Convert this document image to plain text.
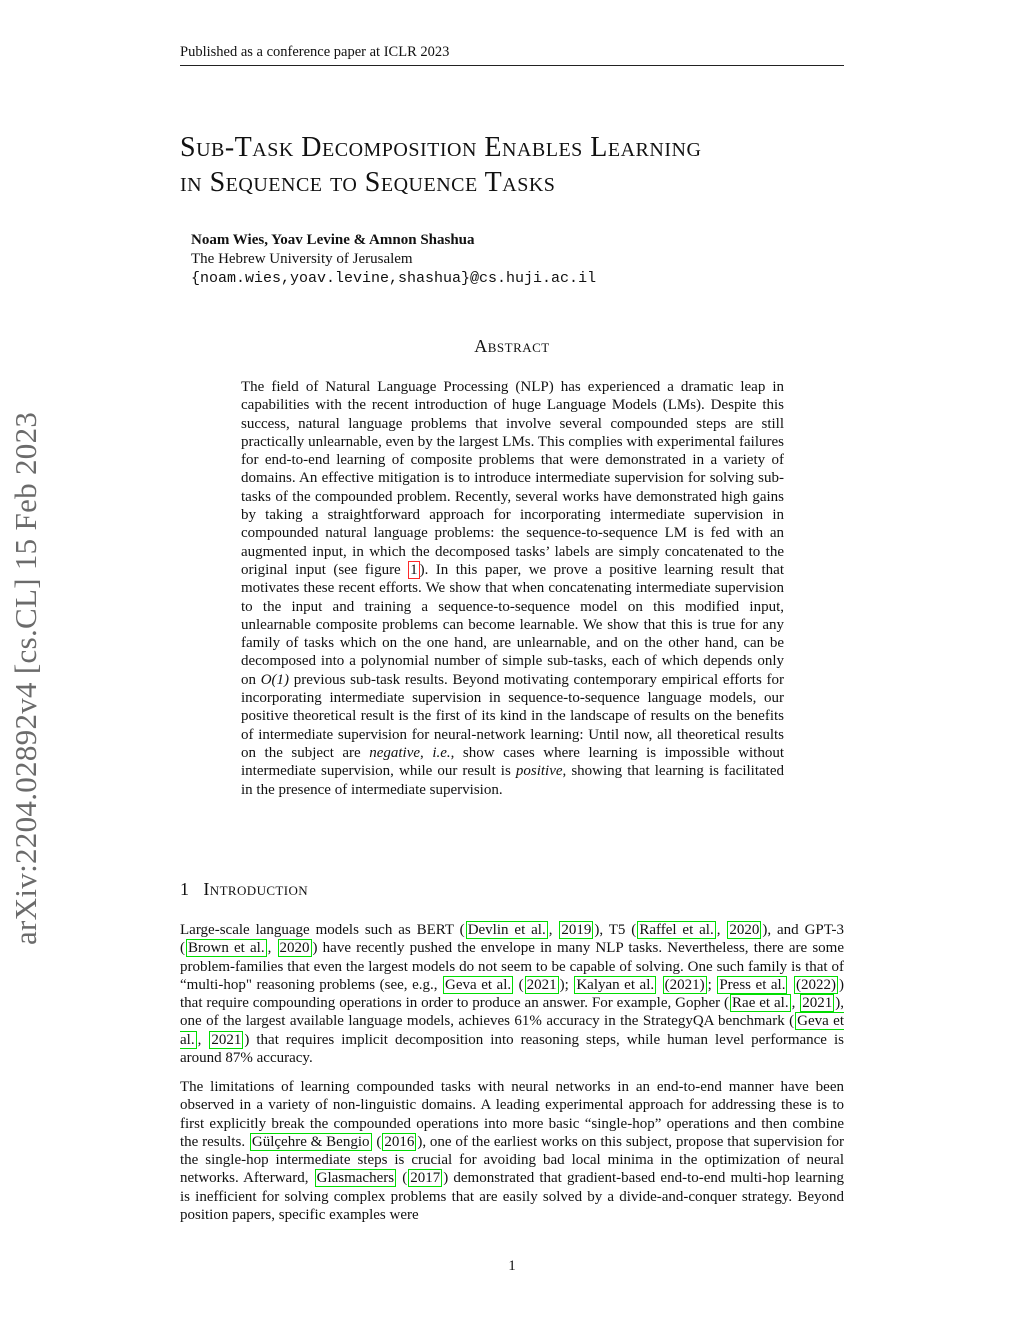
Published as a conference paper at ICLR 2023
arXiv:2204.02892v4 [cs.CL] 15 Feb 2023
Sub-Task Decomposition Enables Learning
in Sequence to Sequence Tasks
Noam Wies, Yoav Levine & Amnon Shashua
The Hebrew University of Jerusalem
{noam.wies,yoav.levine,shashua}@cs.huji.ac.il
Abstract

The field of Natural Language Processing (NLP) has experienced a dramatic leap in capabilities with the recent introduction of huge Language Models (LMs). Despite this success, natural language problems that involve several compounded steps are still practically unlearnable, even by the largest LMs. This complies with experimental failures for end-to-end learning of composite problems that were demonstrated in a variety of domains. An effective mitigation is to introduce intermediate supervision for solving sub-tasks of the compounded problem. Recently, several works have demonstrated high gains by taking a straightforward approach for incorporating intermediate supervision in compounded natural language problems: the sequence-to-sequence LM is fed with an augmented input, in which the decomposed tasks’ labels are simply concatenated to the original input (see figure 1 ). In this paper, we prove a positive learning result that motivates these recent efforts. We show that when concatenating intermediate supervision to the input and training a sequence-to-sequence model on this modified input, unlearnable composite problems can become learnable. We show that this is true for any family of tasks which on the one hand, are unlearnable, and on the other hand, can be decomposed into a polynomial number of simple sub-tasks, each of which depends only on O(1) previous sub-task results. Beyond motivating contemporary empirical efforts for incorporating intermediate supervision in sequence-to-sequence language models, our positive theoretical result is the first of its kind in the landscape of results on the benefits of intermediate supervision for neural-network learning: Until now, all theoretical results on the subject are negative, i.e., show cases where learning is impossible without intermediate supervision, while our result is positive, showing that learning is facilitated in the presence of intermediate supervision.

1 Introduction

Large-scale language models such as BERT ( Devlin et al. , 2019 ), T5 ( Raffel et al. , 2020 ), and GPT-3 ( Brown et al. , 2020 ) have recently pushed the envelope in many NLP tasks. Nevertheless, there are some problem-families that even the largest models do not seem to be capable of solving. One such family is that of “multi-hop" reasoning problems (see, e.g., Geva et al. ( 2021 ); Kalyan et al. (2021) ; Press et al. (2022) ) that require compounding operations in order to produce an answer. For example, Gopher ( Rae et al. , 2021 ), one of the largest available language models, achieves 61% accuracy in the StrategyQA benchmark ( Geva et al. , 2021 ) that requires implicit decomposition into reasoning steps, while human level performance is around 87% accuracy.

The limitations of learning compounded tasks with neural networks in an end-to-end manner have been observed in a variety of non-linguistic domains. A leading experimental approach for addressing these is to first explicitly break the compounded operations into more basic “single-hop” operations and then combine the results. Gülçehre & Bengio ( 2016 ), one of the earliest works on this subject, propose that supervision for the single-hop intermediate steps is crucial for avoiding bad local minima in the optimization of neural networks. Afterward, Glasmachers ( 2017 ) demonstrated that gradient-based end-to-end multi-hop learning is inefficient for solving complex problems that are easily solved by a divide-and-conquer strategy. Beyond position papers, specific examples were

1
